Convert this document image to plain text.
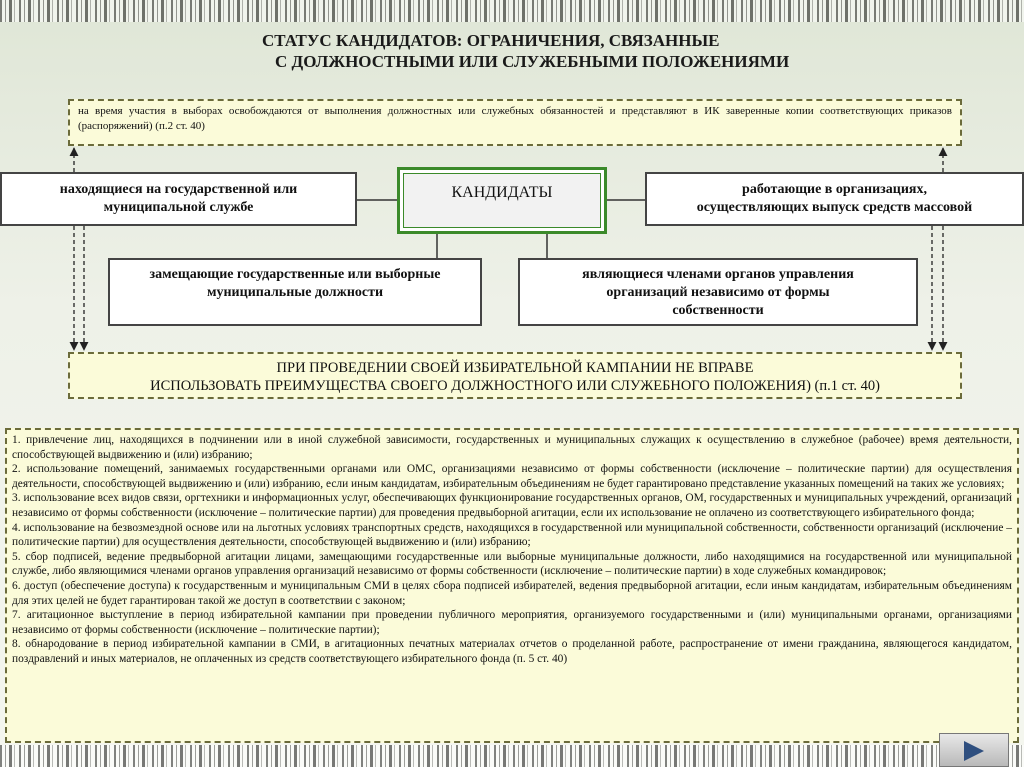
СТАТУС КАНДИДАТОВ: ОГРАНИЧЕНИЯ, СВЯЗАННЫЕ
С ДОЛЖНОСТНЫМИ ИЛИ СЛУЖЕБНЫМИ ПОЛОЖЕНИЯМИ
на время участия в выборах освобождаются от выполнения должностных или служебных обязанностей и представляют в ИК заверенные копии соответствующих приказов (распоряжений) (п.2 ст. 40)
находящиеся на государственной или
муниципальной службе
КАНДИДАТЫ	работающие в организациях,
осуществляющих выпуск средств массовой
замещающие государственные или выборные
муниципальные должности
являющиеся членами органов управления
организаций независимо от формы
собственности
ПРИ ПРОВЕДЕНИИ СВОЕЙ ИЗБИРАТЕЛЬНОЙ КАМПАНИИ НЕ ВПРАВЕ
ИСПОЛЬЗОВАТЬ ПРЕИМУЩЕСТВА СВОЕГО ДОЛЖНОСТНОГО ИЛИ СЛУЖЕБНОГО ПОЛОЖЕНИЯ) (п.1 ст. 40)

1. привлечение лиц, находящихся в подчинении или в иной служебной зависимости, государственных и муниципальных служащих к осуществлению в служебное (рабочее) время деятельности, способствующей выдвижению и (или) избранию;

2. использование помещений, занимаемых государственными органами или ОМС, организациями независимо от формы собственности (исключение – политические партии) для осуществления деятельности, способствующей выдвижению и (или) избранию, если иным кандидатам, избирательным объединениям не будет гарантировано представление указанных помещений на таких же условиях;

3. использование всех видов связи, оргтехники и информационных услуг, обеспечивающих функционирование государственных органов, ОМ, государственных и муниципальных учреждений, организаций независимо от формы собственности (исключение – политические партии) для проведения предвыборной агитации, если их использование не оплачено из соответствующего избирательного фонда;

4. использование на безвозмездной основе или на льготных условиях транспортных средств, находящихся в государственной или муниципальной собственности, собственности организаций (исключение – политические партии) для осуществления деятельности, способствующей выдвижению и (или) избранию;

5. сбор подписей, ведение предвыборной агитации лицами, замещающими государственные или выборные муниципальные должности, либо находящимися на государственной или муниципальной службе, либо являющимися членами органов управления организаций независимо от формы собственности (исключение – политические партии) в ходе служебных командировок;

6. доступ (обеспечение доступа) к государственным и муниципальным СМИ в целях сбора подписей избирателей, ведения предвыборной агитации, если иным кандидатам, избирательным объединениям для этих целей не будет гарантирован такой же доступ в соответствии с законом;

7. агитационное выступление в период избирательной кампании при проведении публичного мероприятия, организуемого государственными и (или) муниципальными органами, организациями независимо от формы собственности (исключение – политические партии);

8. обнародование в период избирательной кампании в СМИ, в агитационных печатных материалах отчетов о проделанной работе, распространение от имени гражданина, являющегося кандидатом, поздравлений и иных материалов, не оплаченных из средств соответствующего избирательного фонда (п. 5 ст. 40)
